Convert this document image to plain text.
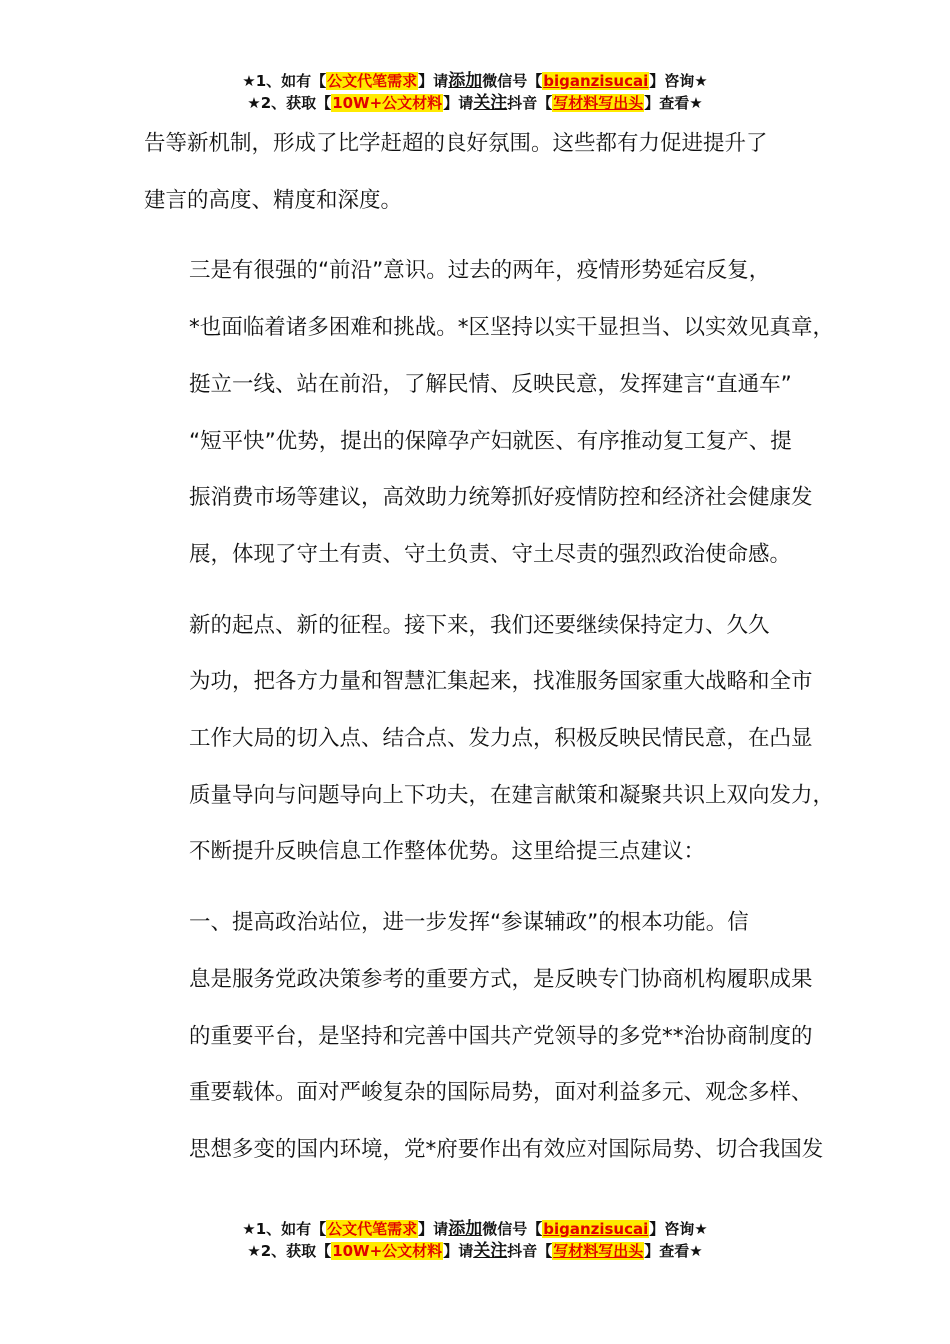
★1、如有【公文代笔需求】请添加微信号【biganzisucai】咨询★
★2、获取【10W+公文材料】请关注抖音【写材料写出头】查看★

告等新机制，形成了比学赶超的良好氛围。这些都有力促进提升了
建言的高度、精度和深度。

三是有很强的“前沿”意识。过去的两年，疫情形势延宕反复，
*也面临着诸多困难和挑战。*区坚持以实干显担当、以实效见真章，
挺立一线、站在前沿，了解民情、反映民意，发挥建言“直通车”
“短平快”优势，提出的保障孕产妇就医、有序推动复工复产、提
振消费市场等建议，高效助力统筹抓好疫情防控和经济社会健康发
展，体现了守土有责、守土负责、守土尽责的强烈政治使命感。

新的起点、新的征程。接下来，我们还要继续保持定力、久久
为功，把各方力量和智慧汇集起来，找准服务国家重大战略和全市
工作大局的切入点、结合点、发力点，积极反映民情民意，在凸显
质量导向与问题导向上下功夫，在建言献策和凝聚共识上双向发力，
不断提升反映信息工作整体优势。这里给提三点建议：

一、提高政治站位，进一步发挥“参谋辅政”的根本功能。信
息是服务党政决策参考的重要方式，是反映专门协商机构履职成果
的重要平台，是坚持和完善中国共产党领导的多党**治协商制度的
重要载体。面对严峻复杂的国际局势，面对利益多元、观念多样、
思想多变的国内环境，党*府要作出有效应对国际局势、切合我国发

★1、如有【公文代笔需求】请添加微信号【biganzisucai】咨询★
★2、获取【10W+公文材料】请关注抖音【写材料写出头】查看★
